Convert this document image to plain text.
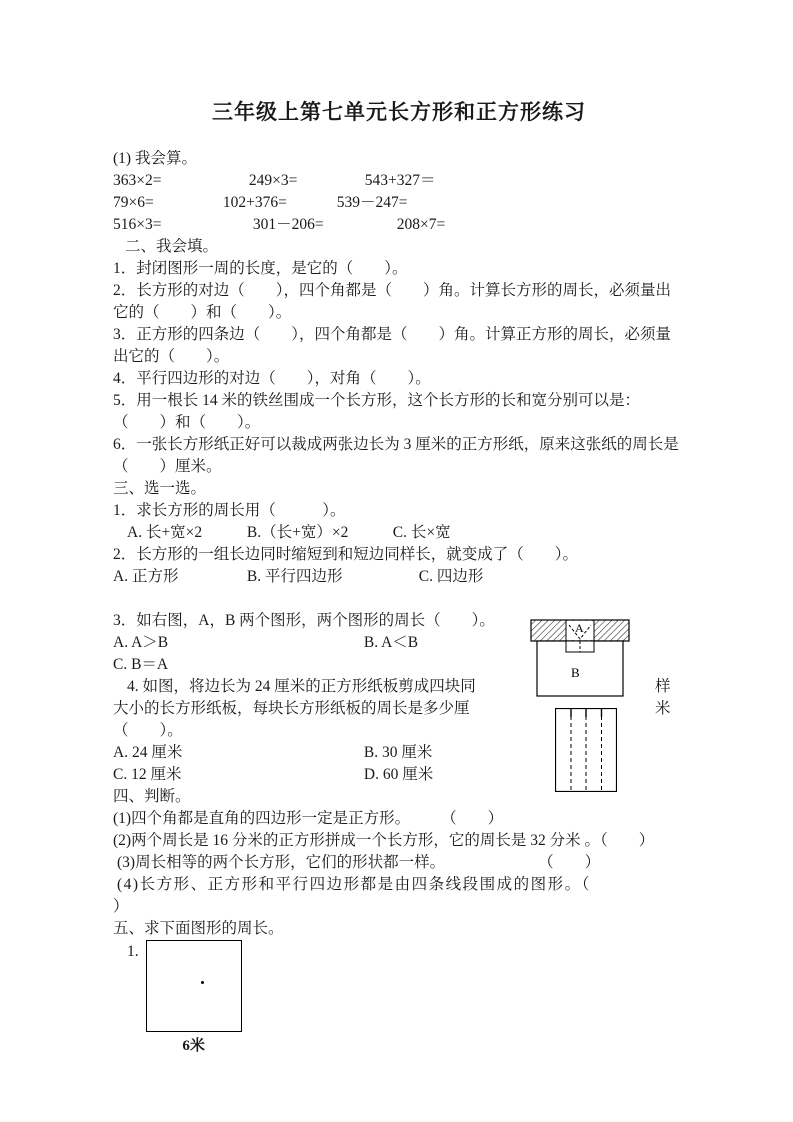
三年级上第七单元长方形和正方形练习
(1) 我会算。
363×2=	249×3=	543+327＝
79×6=	102+376=	539－247=
516×3=	301－206=	208×7=
二、我会填。
1．封闭图形一周的长度，是它的（　　）。
2．长方形的对边（　　），四个角都是（　　）角。计算长方形的周长，必须量出它的（　　）和（　　）。
3．正方形的四条边（　　），四个角都是（　　）角。计算正方形的周长，必须量出它的（　　）。
4．平行四边形的对边（　　），对角（　　）。
5．用一根长 14 米的铁丝围成一个长方形，这个长方形的长和宽分别可以是：（　　）和（　　）。
6．一张长方形纸正好可以裁成两张边长为 3 厘米的正方形纸，原来这张纸的周长是（　　）厘米。
三、选一选。
1．求长方形的周长用（　　　）。
A. 长+宽×2	B.（长+宽）×2	C. 长×宽
2．长方形的一组长边同时缩短到和短边同样长，就变成了（　　）。
A. 正方形	B. 平行四边形	C. 四边形
3．如右图，A，B 两个图形，两个图形的周长（　　）。
A. A＞B	B. A＜B
C. B＝A
4. 如图，将边长为 24 厘米的正方形纸板剪成四块同	样
大小的长方形纸板，每块长方形纸板的周长是多少厘	米
（　　）。
A. 24 厘米	B. 30 厘米
C. 12 厘米	D. 60 厘米
四、判断。
(1)四个角都是直角的四边形一定是正方形。　　　（　　）
(2)两个周长是 16 分米的正方形拼成一个长方形，它的周长是 32 分米 。（　　）
(3)周长相等的两个长方形，它们的形状都一样。　　　　　　　（　　）
(4)长方形、正方形和平行四边形都是由四条线段围成的图形。（
）
五、求下面图形的周长。
1.
6米
A
B
